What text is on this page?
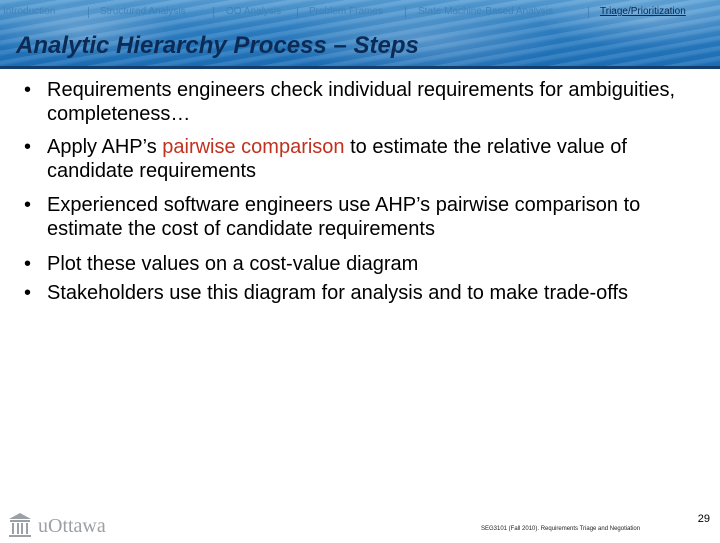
Introduction	Structured Analysis	OO Analysis	Problem Frames	State Machine-Based Analysis	Triage/Prioritization
Analytic Hierarchy Process – Steps
• Requirements engineers check individual requirements for ambiguities, completeness…
• Apply AHP’s pairwise comparison to estimate the relative value of candidate requirements
• Experienced software engineers use AHP’s pairwise comparison to estimate the cost of candidate requirements
• Plot these values on a cost-value diagram
• Stakeholders use this diagram for analysis and to make trade-offs
uOttawa	SEG3101 (Fall 2010). Requirements Triage and Negotiation
29
